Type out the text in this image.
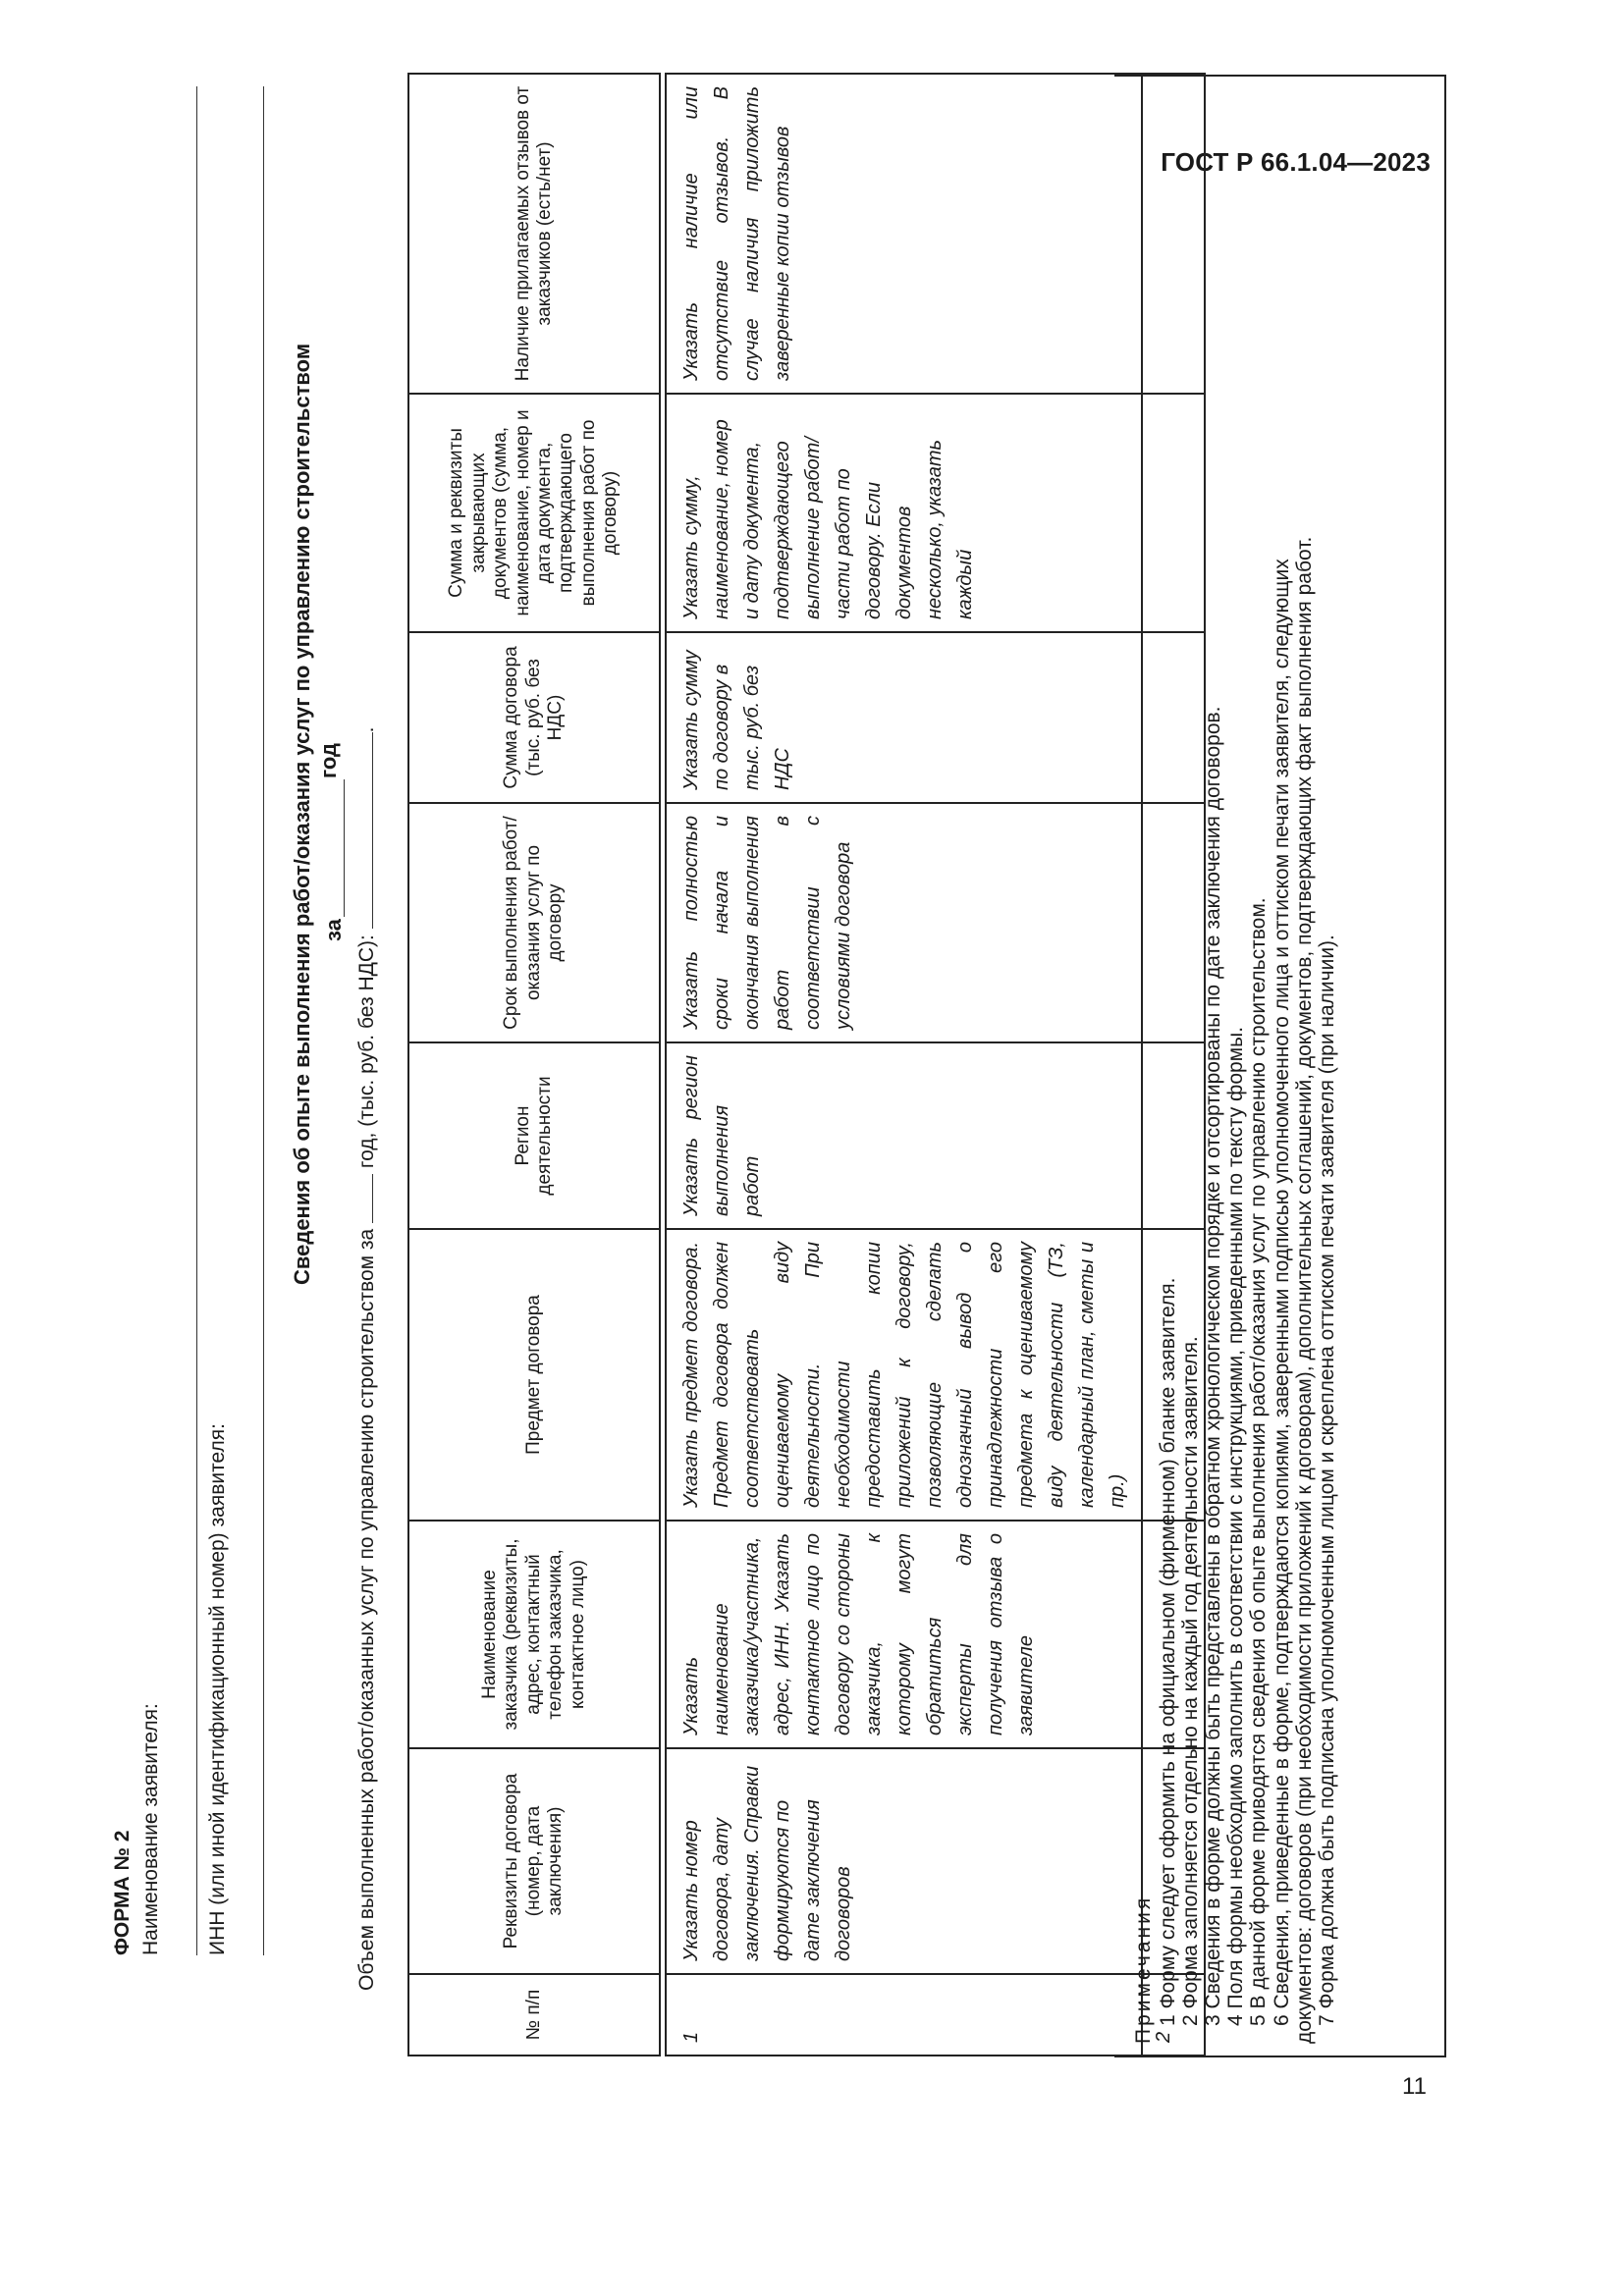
ГОСТ Р 66.1.04—2023
11
ФОРМА № 2 Наименование заявителя: ИНН (или иной идентификационный номер) заявителя:
Сведения об опыте выполнения работ/оказания услуг по управлению строительством за
год
Объем выполненных работ/оказанных услуг по управлению строительством за  год, (тыс. руб. без НДС): .
№ п/п	Реквизиты договора (номер, дата заключения)	Наименование заказчика (реквизиты, адрес, контактный телефон заказчика, контактное лицо)	Предмет договора	Регион деятельности	Срок выполнения работ/оказания услуг по договору	Сумма договора (тыс. руб. без НДС)	Сумма и реквизиты закрывающих документов (сумма, наименование, номер и дата документа, подтверждающего выполнения работ по договору)	Наличие прилагаемых отзывов от заказчиков (есть/нет)

1	Указать номер договора, дату заключения. Справки формируются по дате заключения договоров	Указать наименование заказчика/участника, адрес, ИНН. Указать контактное лицо по договору со стороны заказчика, к которому могут обратиться эксперты для получения отзыва о заявителе	Указать предмет договора. Предмет договора должен соответствовать оцениваемому виду деятельности. При необходимости предоставить копии приложений к договору, позволяющие сделать однозначный вывод о принадлежности его предмета к оцениваемому виду деятельности (ТЗ, календарный план, сметы и пр.)	Указать регион выполнения работ	Указать полностью сроки начала и окончания выполнения работ в соответствии с условиями договора	Указать сумму по договору в тыс. руб. без НДС	Указать сумму, наименование, номер и дату документа, подтверждающего выполнение работ/части работ по договору. Если документов несколько, указать каждый	Указать наличие или отсутствие отзывов. В случае наличия приложить заверенные копии отзывов
2								
Примечания 1 Форму следует оформить на официальном (фирменном) бланке заявителя. 2 Форма заполняется отдельно на каждый год деятельности заявителя. 3 Сведения в форме должны быть представлены в обратном хронологическом порядке и отсортированы по дате заключения договоров. 4 Поля формы необходимо заполнить в соответствии с инструкциями, приведенными по тексту формы. 5 В данной форме приводятся сведения об опыте выполнения работ/оказания услуг по управлению строительством. 6 Сведения, приведенные в форме, подтверждаются копиями, заверенными подписью уполномоченного лица и оттиском печати заявителя, следующих документов: договоров (при необходимости приложений к договорам), дополнительных соглашений, документов, подтверждающих факт выполнения работ. 7 Форма должна быть подписана уполномоченным лицом и скреплена оттиском печати заявителя (при наличии).
